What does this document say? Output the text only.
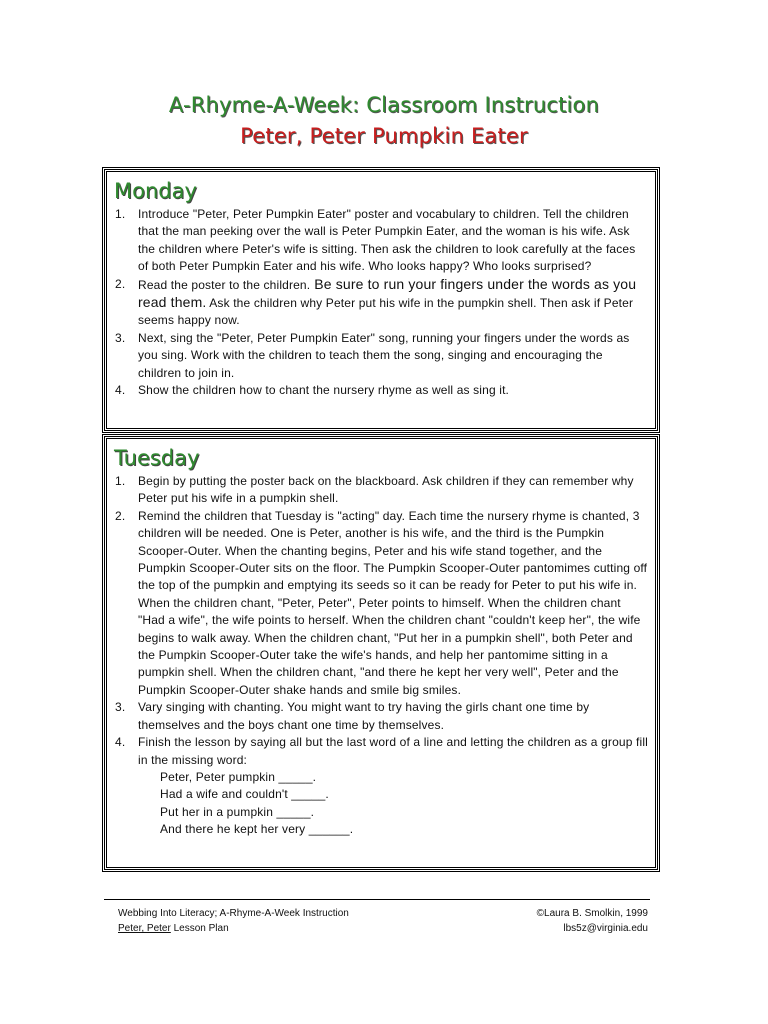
A-Rhyme-A-Week: Classroom Instruction
Peter, Peter Pumpkin Eater
Monday
1. Introduce "Peter, Peter Pumpkin Eater" poster and vocabulary to children. Tell the children that the man peeking over the wall is Peter Pumpkin Eater, and the woman is his wife. Ask the children where Peter's wife is sitting. Then ask the children to look carefully at the faces of both Peter Pumpkin Eater and his wife. Who looks happy? Who looks surprised?
2. Read the poster to the children. Be sure to run your fingers under the words as you read them. Ask the children why Peter put his wife in the pumpkin shell. Then ask if Peter seems happy now.
3. Next, sing the "Peter, Peter Pumpkin Eater" song, running your fingers under the words as you sing. Work with the children to teach them the song, singing and encouraging the children to join in.
4. Show the children how to chant the nursery rhyme as well as sing it.
Tuesday
1. Begin by putting the poster back on the blackboard. Ask children if they can remember why Peter put his wife in a pumpkin shell.
2. Remind the children that Tuesday is "acting" day. Each time the nursery rhyme is chanted, 3 children will be needed. One is Peter, another is his wife, and the third is the Pumpkin Scooper-Outer. When the chanting begins, Peter and his wife stand together, and the Pumpkin Scooper-Outer sits on the floor. The Pumpkin Scooper-Outer pantomimes cutting off the top of the pumpkin and emptying its seeds so it can be ready for Peter to put his wife in. When the children chant, "Peter, Peter", Peter points to himself. When the children chant "Had a wife", the wife points to herself. When the children chant "couldn't keep her", the wife begins to walk away. When the children chant, "Put her in a pumpkin shell", both Peter and the Pumpkin Scooper-Outer take the wife's hands, and help her pantomime sitting in a pumpkin shell. When the children chant, "and there he kept her very well", Peter and the Pumpkin Scooper-Outer shake hands and smile big smiles.
3. Vary singing with chanting. You might want to try having the girls chant one time by themselves and the boys chant one time by themselves.
4. Finish the lesson by saying all but the last word of a line and letting the children as a group fill in the missing word:
Peter, Peter pumpkin _____.
Had a wife and couldn't _____.
Put her in a pumpkin _____.
And there he kept her very ______.
Webbing Into Literacy; A-Rhyme-A-Week Instruction
Peter, Peter Lesson Plan
©Laura B. Smolkin, 1999
lbs5z@virginia.edu
